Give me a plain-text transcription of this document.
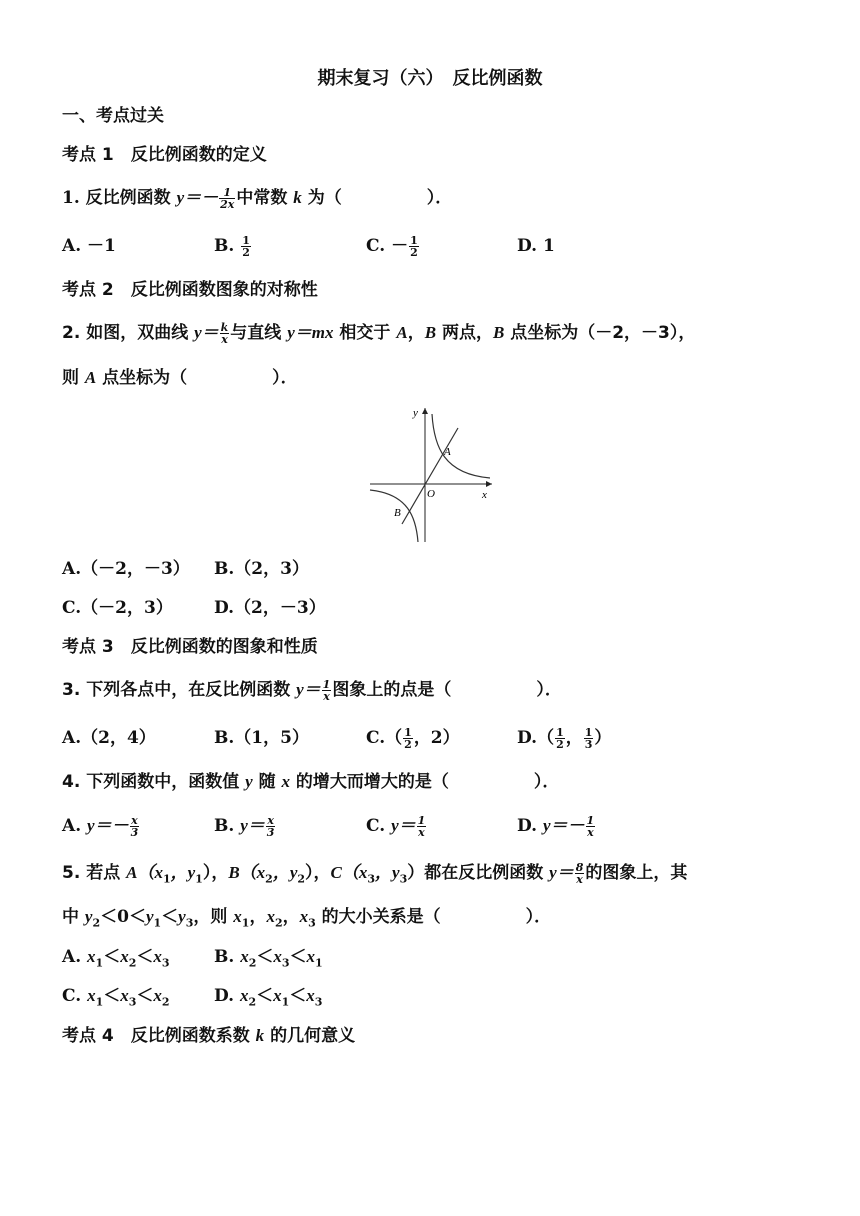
期末复习（六）　反比例函数
一、考点过关
考点 1　反比例函数的定义
1. 反比例函数 $y=- \frac{1}{2x}$ 中常数 k 为（　　　　　）．
A. －1	B. $\frac{1}{2}$	C. － $\frac{1}{2}$	D. 1
考点 2　反比例函数图象的对称性
2. 如图，双曲线 $y= \frac{k}{x}$ 与直线 y＝mx 相交于 A，B 两点，B 点坐标为（－2，－3），
则 A 点坐标为（　　　　　）．
y
x
O
A
B
A.（－2，－3） B.（2，3）
C.（－2，3） D.（2，－3）
考点 3　反比例函数的图象和性质
3. 下列各点中，在反比例函数 $y= \frac{1}{x}$ 图象上的点是（　　　　　）．
A.（2，4）	B.（1，5）	$C.( \frac{1}{2}$ ，2）	$D.( \frac{1}{2}$ ， $\frac{1}{3}$ ）
4. 下列函数中，函数值 y 随 x 的增大而增大的是（　　　　　）．
A. $y=- \frac{x}{3}$	B. $y= \frac{x}{3}$	C. $y= \frac{1}{x}$	D. $y=- \frac{1}{x}$
5. 若点 $A(x_1$，$y_1$），$B(x_2$，$y_2$），$C(x_3$，$y_3$）都在反比例函数 $y= \frac{8}{x}$ 的图象上，其
中 $y_2<0<y_1<y_3$，则 $x_1$，$x_2$，$x_3$ 的大小关系是（　　　　　）．
A. $x_1<x_2<x_3$	B. $x_2<x_3<x_1$
C. $x_1<x_3<x_2$	D. $x_2<x_1<x_3$
考点 4　反比例函数系数 k 的几何意义
